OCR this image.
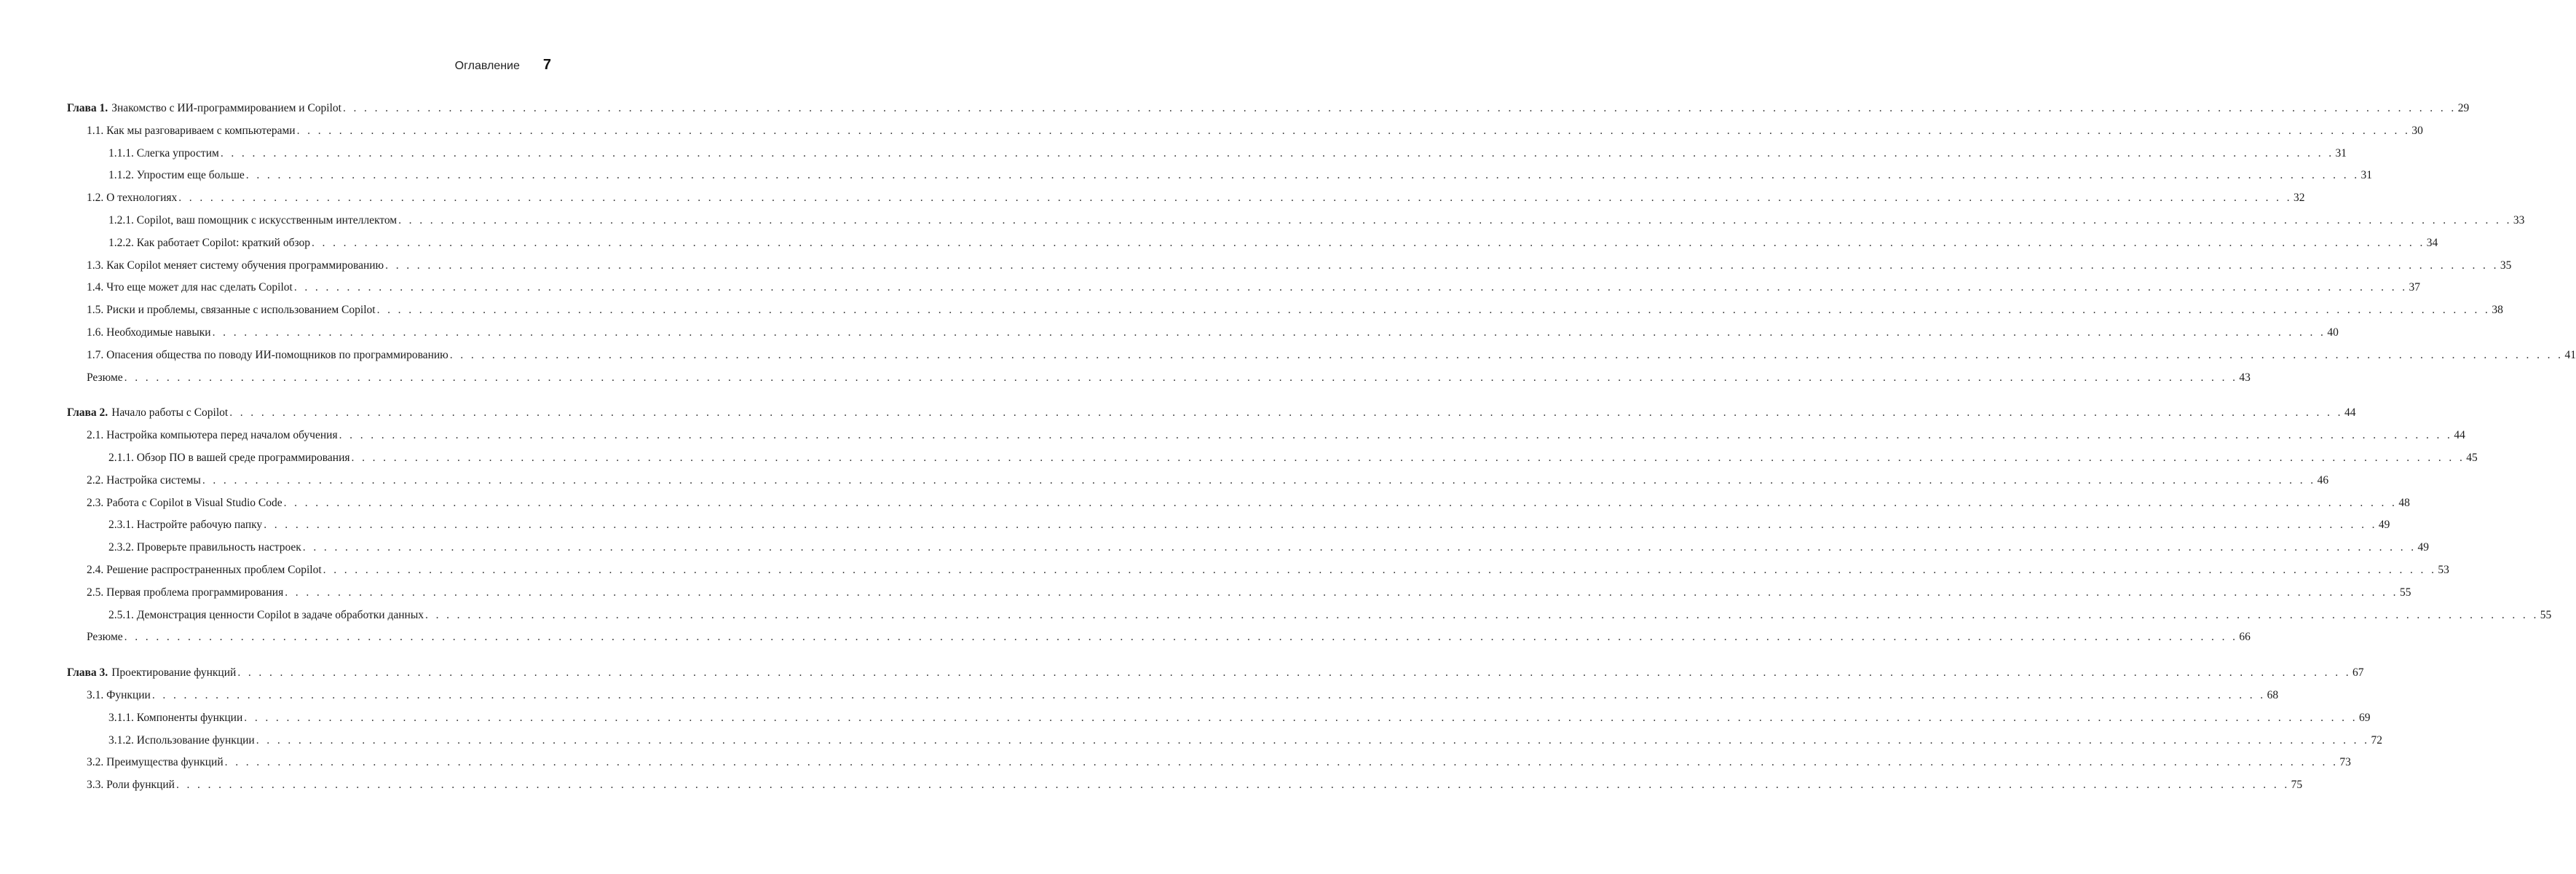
Оглавление 7
Глава 1. Знакомство с ИИ-программированием и Copilot . . . . . . . . . . . . . . . . . . . . . . . . . . . . . . . . . . . . . . . . . . . . . . . . . . . . . . . . . . . . . . . . . . . . . . . . . . . . . . . . . . . . . . . . . . . . . . . . . . . . . . . . . . . . . . . . . . . . . . . . . . . . . . . . . . . . . . . . . . . . . . . . . . . . . . . . . . . . . . . . . . . . . . . . . . . . . . . . . . . . . . . . . . . . . . . . . . . . . . . . 29
1.1. Как мы разговариваем с компьютерами . . . . . . . . . . . . . . . . . . . . . . . . . . . . . . . . . . . . . . . . . . . . . . . . . . . . . . . . . . . . . . . . . . . . . . . . . . . . . . . . . . . . . . . . . . . . . . . . . . . . . . . . . . . . . . . . . . . . . . . . . . . . . . . . . . . . . . . . . . . . . . . . . . . . . . . . . . . . . . . . . . . . . . . . . . . . . . . . . . . . . . . . . . . . . . . . . . . . . . . . 30
1.1.1. Слегка упростим . . . . . . . . . . . . . . . . . . . . . . . . . . . . . . . . . . . . . . . . . . . . . . . . . . . . . . . . . . . . . . . . . . . . . . . . . . . . . . . . . . . . . . . . . . . . . . . . . . . . . . . . . . . . . . . . . . . . . . . . . . . . . . . . . . . . . . . . . . . . . . . . . . . . . . . . . . . . . . . . . . . . . . . . . . . . . . . . . . . . . . . . . . . . . . . . . . . . . . . . 31
1.1.2. Упростим еще больше . . . . . . . . . . . . . . . . . . . . . . . . . . . . . . . . . . . . . . . . . . . . . . . . . . . . . . . . . . . . . . . . . . . . . . . . . . . . . . . . . . . . . . . . . . . . . . . . . . . . . . . . . . . . . . . . . . . . . . . . . . . . . . . . . . . . . . . . . . . . . . . . . . . . . . . . . . . . . . . . . . . . . . . . . . . . . . . . . . . . . . . . . . . . . . . . . . . . . . . . 31
1.2. О технологиях . . . . . . . . . . . . . . . . . . . . . . . . . . . . . . . . . . . . . . . . . . . . . . . . . . . . . . . . . . . . . . . . . . . . . . . . . . . . . . . . . . . . . . . . . . . . . . . . . . . . . . . . . . . . . . . . . . . . . . . . . . . . . . . . . . . . . . . . . . . . . . . . . . . . . . . . . . . . . . . . . . . . . . . . . . . . . . . . . . . . . . . . . . . . . . . . . . . . . . . . 32
1.2.1. Copilot, ваш помощник с искусственным интеллектом . . . . . . . . . . . . . . . . . . . . . . . . . . . . . . . . . . . . . . . . . . . . . . . . . . . . . . . . . . . . . . . . . . . . . . . . . . . . . . . . . . . . . . . . . . . . . . . . . . . . . . . . . . . . . . . . . . . . . . . . . . . . . . . . . . . . . . . . . . . . . . . . . . . . . . . . . . . . . . . . . . . . . . . . . . . . . . . . . . . . . . . . . . . . . . . . . . . . . . . . 33
1.2.2. Как работает Copilot: краткий обзор . . . . . . . . . . . . . . . . . . . . . . . . . . . . . . . . . . . . . . . . . . . . . . . . . . . . . . . . . . . . . . . . . . . . . . . . . . . . . . . . . . . . . . . . . . . . . . . . . . . . . . . . . . . . . . . . . . . . . . . . . . . . . . . . . . . . . . . . . . . . . . . . . . . . . . . . . . . . . . . . . . . . . . . . . . . . . . . . . . . . . . . . . . . . . . . . . . . . . . . . 34
1.3. Как Copilot меняет систему обучения программированию . . . . . . . . . . . . . . . . . . . . . . . . . . . . . . . . . . . . . . . . . . . . . . . . . . . . . . . . . . . . . . . . . . . . . . . . . . . . . . . . . . . . . . . . . . . . . . . . . . . . . . . . . . . . . . . . . . . . . . . . . . . . . . . . . . . . . . . . . . . . . . . . . . . . . . . . . . . . . . . . . . . . . . . . . . . . . . . . . . . . . . . . . . . . . . . . . . . . . . . . 35
1.4. Что еще может для нас сделать Copilot . . . . . . . . . . . . . . . . . . . . . . . . . . . . . . . . . . . . . . . . . . . . . . . . . . . . . . . . . . . . . . . . . . . . . . . . . . . . . . . . . . . . . . . . . . . . . . . . . . . . . . . . . . . . . . . . . . . . . . . . . . . . . . . . . . . . . . . . . . . . . . . . . . . . . . . . . . . . . . . . . . . . . . . . . . . . . . . . . . . . . . . . . . . . . . . . . . . . . . . . 37
1.5. Риски и проблемы, связанные с использованием Copilot . . . . . . . . . . . . . . . . . . . . . . . . . . . . . . . . . . . . . . . . . . . . . . . . . . . . . . . . . . . . . . . . . . . . . . . . . . . . . . . . . . . . . . . . . . . . . . . . . . . . . . . . . . . . . . . . . . . . . . . . . . . . . . . . . . . . . . . . . . . . . . . . . . . . . . . . . . . . . . . . . . . . . . . . . . . . . . . . . . . . . . . . . . . . . . . . . . . . . . . . 38
1.6. Необходимые навыки . . . . . . . . . . . . . . . . . . . . . . . . . . . . . . . . . . . . . . . . . . . . . . . . . . . . . . . . . . . . . . . . . . . . . . . . . . . . . . . . . . . . . . . . . . . . . . . . . . . . . . . . . . . . . . . . . . . . . . . . . . . . . . . . . . . . . . . . . . . . . . . . . . . . . . . . . . . . . . . . . . . . . . . . . . . . . . . . . . . . . . . . . . . . . . . . . . . . . . . . 40
1.7. Опасения общества по поводу ИИ-помощников по программированию . . . . . . . . . . . . . . . . . . . . . . . . . . . . . . . . . . . . . . . . . . . . . . . . . . . . . . . . . . . . . . . . . . . . . . . . . . . . . . . . . . . . . . . . . . . . . . . . . . . . . . . . . . . . . . . . . . . . . . . . . . . . . . . . . . . . . . . . . . . . . . . . . . . . . . . . . . . . . . . . . . . . . . . . . . . . . . . . . . . . . . . . . . . . . . . . . . . . . . . . 41
Резюме . . . . . . . . . . . . . . . . . . . . . . . . . . . . . . . . . . . . . . . . . . . . . . . . . . . . . . . . . . . . . . . . . . . . . . . . . . . . . . . . . . . . . . . . . . . . . . . . . . . . . . . . . . . . . . . . . . . . . . . . . . . . . . . . . . . . . . . . . . . . . . . . . . . . . . . . . . . . . . . . . . . . . . . . . . . . . . . . . . . . . . . . . . . . . . . . . . . . . . . . 43
Глава 2. Начало работы с Copilot . . . . . . . . . . . . . . . . . . . . . . . . . . . . . . . . . . . . . . . . . . . . . . . . . . . . . . . . . . . . . . . . . . . . . . . . . . . . . . . . . . . . . . . . . . . . . . . . . . . . . . . . . . . . . . . . . . . . . . . . . . . . . . . . . . . . . . . . . . . . . . . . . . . . . . . . . . . . . . . . . . . . . . . . . . . . . . . . . . . . . . . . . . . . . . . . . . . . . . . . 44
2.1. Настройка компьютера перед началом обучения . . . . . . . . . . . . . . . . . . . . . . . . . . . . . . . . . . . . . . . . . . . . . . . . . . . . . . . . . . . . . . . . . . . . . . . . . . . . . . . . . . . . . . . . . . . . . . . . . . . . . . . . . . . . . . . . . . . . . . . . . . . . . . . . . . . . . . . . . . . . . . . . . . . . . . . . . . . . . . . . . . . . . . . . . . . . . . . . . . . . . . . . . . . . . . . . . . . . . . . . 44
2.1.1. Обзор ПО в вашей среде программирования . . . . . . . . . . . . . . . . . . . . . . . . . . . . . . . . . . . . . . . . . . . . . . . . . . . . . . . . . . . . . . . . . . . . . . . . . . . . . . . . . . . . . . . . . . . . . . . . . . . . . . . . . . . . . . . . . . . . . . . . . . . . . . . . . . . . . . . . . . . . . . . . . . . . . . . . . . . . . . . . . . . . . . . . . . . . . . . . . . . . . . . . . . . . . . . . . . . . . . . . 45
2.2. Настройка системы . . . . . . . . . . . . . . . . . . . . . . . . . . . . . . . . . . . . . . . . . . . . . . . . . . . . . . . . . . . . . . . . . . . . . . . . . . . . . . . . . . . . . . . . . . . . . . . . . . . . . . . . . . . . . . . . . . . . . . . . . . . . . . . . . . . . . . . . . . . . . . . . . . . . . . . . . . . . . . . . . . . . . . . . . . . . . . . . . . . . . . . . . . . . . . . . . . . . . . . . 46
2.3. Работа с Copilot в Visual Studio Code . . . . . . . . . . . . . . . . . . . . . . . . . . . . . . . . . . . . . . . . . . . . . . . . . . . . . . . . . . . . . . . . . . . . . . . . . . . . . . . . . . . . . . . . . . . . . . . . . . . . . . . . . . . . . . . . . . . . . . . . . . . . . . . . . . . . . . . . . . . . . . . . . . . . . . . . . . . . . . . . . . . . . . . . . . . . . . . . . . . . . . . . . . . . . . . . . . . . . . . . 48
2.3.1. Настройте рабочую папку . . . . . . . . . . . . . . . . . . . . . . . . . . . . . . . . . . . . . . . . . . . . . . . . . . . . . . . . . . . . . . . . . . . . . . . . . . . . . . . . . . . . . . . . . . . . . . . . . . . . . . . . . . . . . . . . . . . . . . . . . . . . . . . . . . . . . . . . . . . . . . . . . . . . . . . . . . . . . . . . . . . . . . . . . . . . . . . . . . . . . . . . . . . . . . . . . . . . . . . . 49
2.3.2. Проверьте правильность настроек . . . . . . . . . . . . . . . . . . . . . . . . . . . . . . . . . . . . . . . . . . . . . . . . . . . . . . . . . . . . . . . . . . . . . . . . . . . . . . . . . . . . . . . . . . . . . . . . . . . . . . . . . . . . . . . . . . . . . . . . . . . . . . . . . . . . . . . . . . . . . . . . . . . . . . . . . . . . . . . . . . . . . . . . . . . . . . . . . . . . . . . . . . . . . . . . . . . . . . . . 49
2.4. Решение распространенных проблем Copilot . . . . . . . . . . . . . . . . . . . . . . . . . . . . . . . . . . . . . . . . . . . . . . . . . . . . . . . . . . . . . . . . . . . . . . . . . . . . . . . . . . . . . . . . . . . . . . . . . . . . . . . . . . . . . . . . . . . . . . . . . . . . . . . . . . . . . . . . . . . . . . . . . . . . . . . . . . . . . . . . . . . . . . . . . . . . . . . . . . . . . . . . . . . . . . . . . . . . . . . . 53
2.5. Первая проблема программирования . . . . . . . . . . . . . . . . . . . . . . . . . . . . . . . . . . . . . . . . . . . . . . . . . . . . . . . . . . . . . . . . . . . . . . . . . . . . . . . . . . . . . . . . . . . . . . . . . . . . . . . . . . . . . . . . . . . . . . . . . . . . . . . . . . . . . . . . . . . . . . . . . . . . . . . . . . . . . . . . . . . . . . . . . . . . . . . . . . . . . . . . . . . . . . . . . . . . . . . . 55
2.5.1. Демонстрация ценности Copilot в задаче обработки данных . . . . . . . . . . . . . . . . . . . . . . . . . . . . . . . . . . . . . . . . . . . . . . . . . . . . . . . . . . . . . . . . . . . . . . . . . . . . . . . . . . . . . . . . . . . . . . . . . . . . . . . . . . . . . . . . . . . . . . . . . . . . . . . . . . . . . . . . . . . . . . . . . . . . . . . . . . . . . . . . . . . . . . . . . . . . . . . . . . . . . . . . . . . . . . . . . . . . . . . . 55
Резюме . . . . . . . . . . . . . . . . . . . . . . . . . . . . . . . . . . . . . . . . . . . . . . . . . . . . . . . . . . . . . . . . . . . . . . . . . . . . . . . . . . . . . . . . . . . . . . . . . . . . . . . . . . . . . . . . . . . . . . . . . . . . . . . . . . . . . . . . . . . . . . . . . . . . . . . . . . . . . . . . . . . . . . . . . . . . . . . . . . . . . . . . . . . . . . . . . . . . . . . . 66
Глава 3. Проектирование функций . . . . . . . . . . . . . . . . . . . . . . . . . . . . . . . . . . . . . . . . . . . . . . . . . . . . . . . . . . . . . . . . . . . . . . . . . . . . . . . . . . . . . . . . . . . . . . . . . . . . . . . . . . . . . . . . . . . . . . . . . . . . . . . . . . . . . . . . . . . . . . . . . . . . . . . . . . . . . . . . . . . . . . . . . . . . . . . . . . . . . . . . . . . . . . . . . . . . . . . . 67
3.1. Функции . . . . . . . . . . . . . . . . . . . . . . . . . . . . . . . . . . . . . . . . . . . . . . . . . . . . . . . . . . . . . . . . . . . . . . . . . . . . . . . . . . . . . . . . . . . . . . . . . . . . . . . . . . . . . . . . . . . . . . . . . . . . . . . . . . . . . . . . . . . . . . . . . . . . . . . . . . . . . . . . . . . . . . . . . . . . . . . . . . . . . . . . . . . . . . . . . . . . . . . . 68
3.1.1. Компоненты функции . . . . . . . . . . . . . . . . . . . . . . . . . . . . . . . . . . . . . . . . . . . . . . . . . . . . . . . . . . . . . . . . . . . . . . . . . . . . . . . . . . . . . . . . . . . . . . . . . . . . . . . . . . . . . . . . . . . . . . . . . . . . . . . . . . . . . . . . . . . . . . . . . . . . . . . . . . . . . . . . . . . . . . . . . . . . . . . . . . . . . . . . . . . . . . . . . . . . . . . . 69
3.1.2. Использование функции . . . . . . . . . . . . . . . . . . . . . . . . . . . . . . . . . . . . . . . . . . . . . . . . . . . . . . . . . . . . . . . . . . . . . . . . . . . . . . . . . . . . . . . . . . . . . . . . . . . . . . . . . . . . . . . . . . . . . . . . . . . . . . . . . . . . . . . . . . . . . . . . . . . . . . . . . . . . . . . . . . . . . . . . . . . . . . . . . . . . . . . . . . . . . . . . . . . . . . . . 72
3.2. Преимущества функций . . . . . . . . . . . . . . . . . . . . . . . . . . . . . . . . . . . . . . . . . . . . . . . . . . . . . . . . . . . . . . . . . . . . . . . . . . . . . . . . . . . . . . . . . . . . . . . . . . . . . . . . . . . . . . . . . . . . . . . . . . . . . . . . . . . . . . . . . . . . . . . . . . . . . . . . . . . . . . . . . . . . . . . . . . . . . . . . . . . . . . . . . . . . . . . . . . . . . . . . 73
3.3. Роли функций . . . . . . . . . . . . . . . . . . . . . . . . . . . . . . . . . . . . . . . . . . . . . . . . . . . . . . . . . . . . . . . . . . . . . . . . . . . . . . . . . . . . . . . . . . . . . . . . . . . . . . . . . . . . . . . . . . . . . . . . . . . . . . . . . . . . . . . . . . . . . . . . . . . . . . . . . . . . . . . . . . . . . . . . . . . . . . . . . . . . . . . . . . . . . . . . . . . . . . . . 75
